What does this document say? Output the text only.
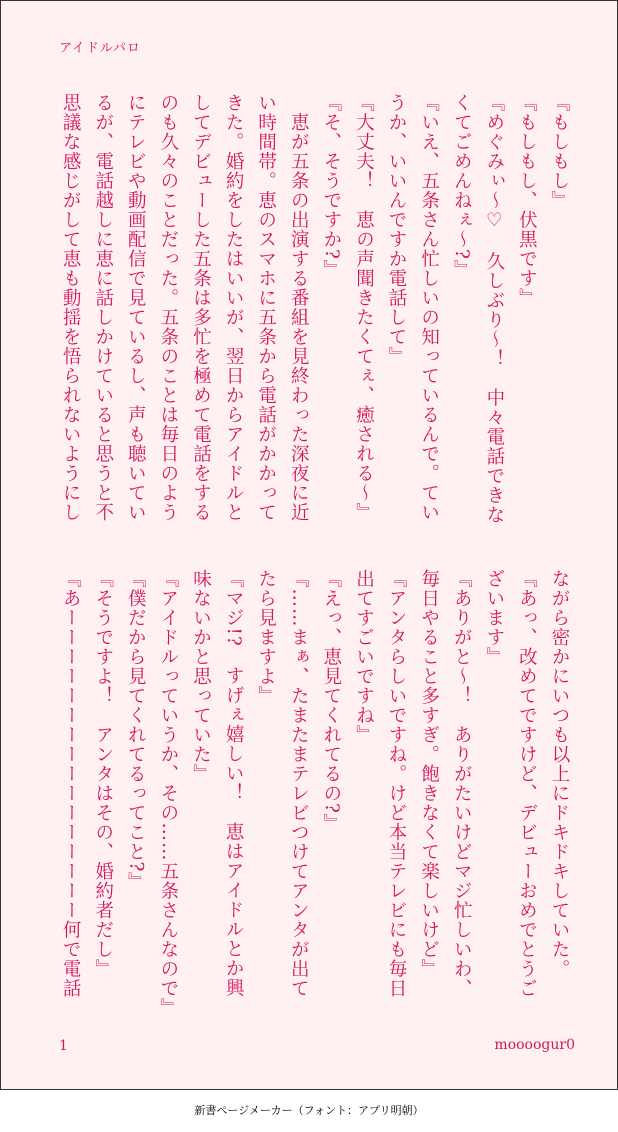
アイドルパロ
『もしもし』
『もしもし、伏黒です』
『めぐみぃ〜♡　久しぶり〜！　中々電話できな
くてごめんねぇ〜?』
『いえ、五条さん忙しいの知っているんで。てい
うか、いいんですか電話して』
『大丈夫！　恵の声聞きたくてぇ、癒される〜』
『そ、そうですか?』
　恵が五条の出演する番組を見終わった深夜に近
い時間帯。恵のスマホに五条から電話がかかって
きた。婚約をしたはいいが、翌日からアイドルと
してデビューした五条は多忙を極めて電話をする
のも久々のことだった。五条のことは毎日のよう
にテレビや動画配信で見ているし、声も聴いてい
るが、電話越しに恵に話しかけていると思うと不
思議な感じがして恵も動揺を悟られないようにし
ながら密かにいつも以上にドキドキしていた。
『あっ、改めてですけど、デビューおめでとうご
ざいます』
『ありがと〜！　ありがたいけどマジ忙しいわ、
毎日やること多すぎ。飽きなくて楽しいけど』
『アンタらしいですね。けど本当テレビにも毎日
出てすごいですね』
『えっ、恵見てくれてるの?』
『……まぁ、たまたまテレビつけてアンタが出て
たら見ますよ』
『マジ!?　すげぇ嬉しい！　恵はアイドルとか興
味ないかと思っていた』
『アイドルっていうか、その……五条さんなので』
『僕だから見てくれてるってこと?』
『そうですよ！　アンタはその、婚約者だし』
『あーーーーーーーーーーーーーーーー何で電話
1	moooogur0
新書ページメーカー（フォント：アプリ明朝）
